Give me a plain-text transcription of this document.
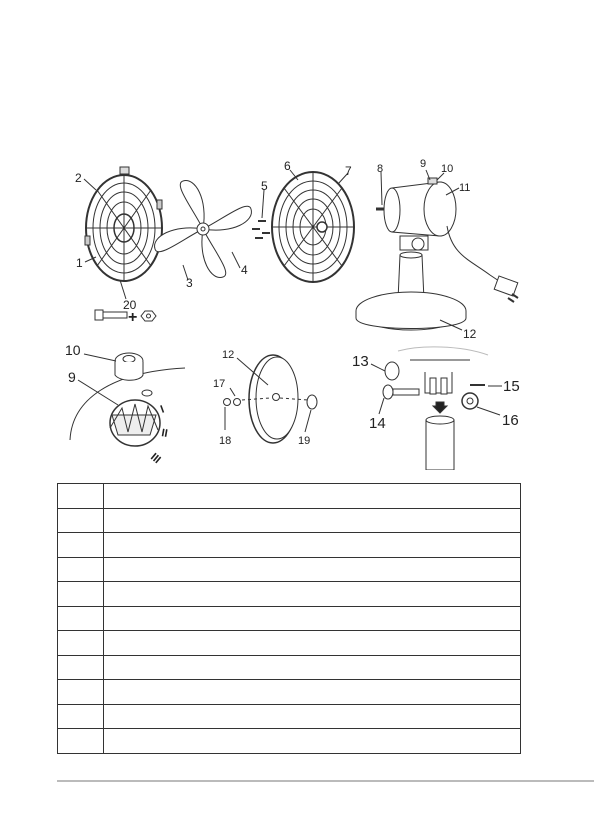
+
2
1
3
4
5
6	7 8	9 10
11
12
20
10
9
12
17
18	19
13
14
15
16
I
II
III
